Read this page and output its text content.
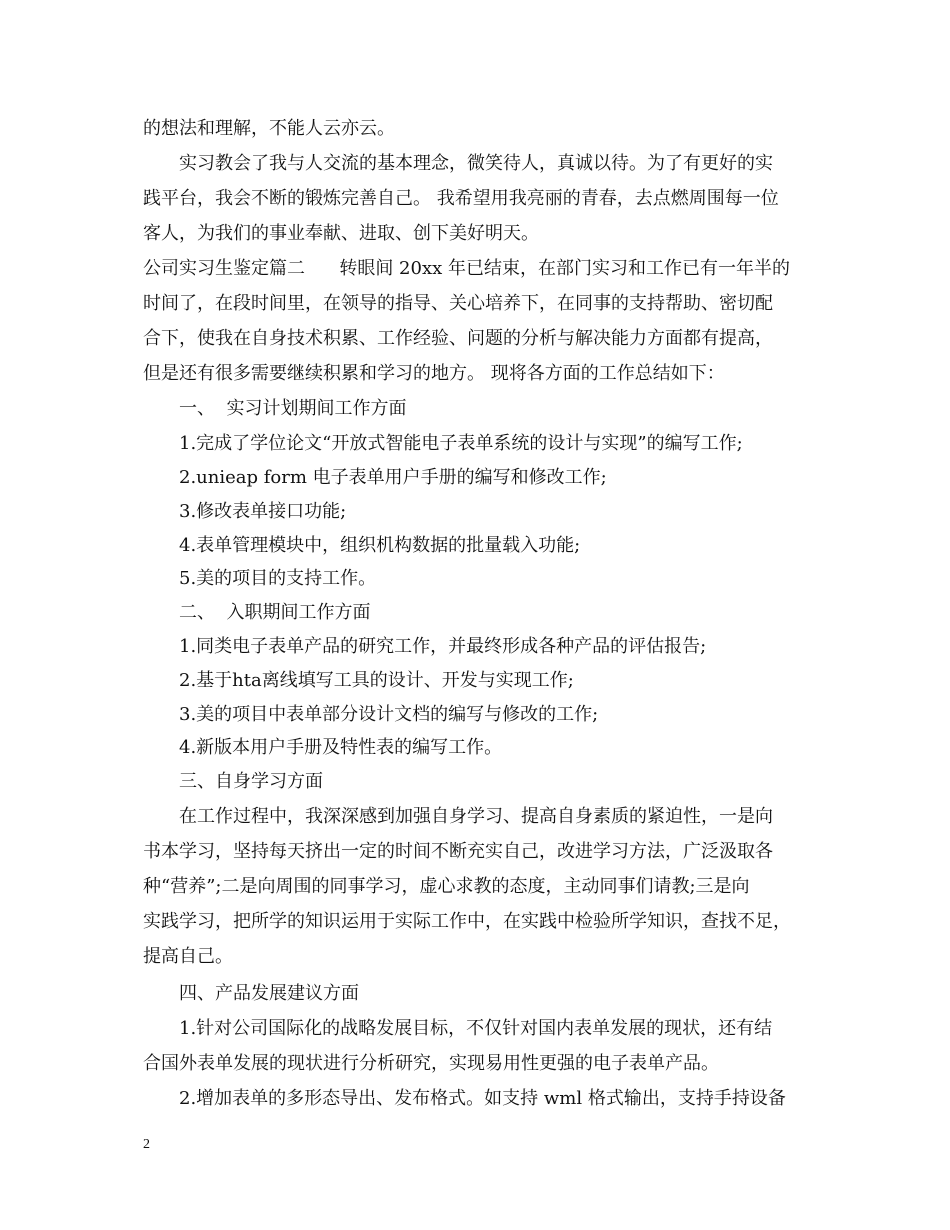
的想法和理解，不能人云亦云。
实习教会了我与人交流的基本理念，微笑待人，真诚以待。为了有更好的实
践平台，我会不断的锻炼完善自己。 我希望用我亮丽的青春，去点燃周围每一位
客人，为我们的事业奉献、进取、创下美好明天。
公司实习生鉴定篇二      转眼间 20xx 年已结束，在部门实习和工作已有一年半的
时间了，在段时间里，在领导的指导、关心培养下，在同事的支持帮助、密切配
合下，使我在自身技术积累、工作经验、问题的分析与解决能力方面都有提高，
但是还有很多需要继续积累和学习的地方。 现将各方面的工作总结如下：
一、  实习计划期间工作方面
1.完成了学位论文“开放式智能电子表单系统的设计与实现”的编写工作;
2.unieap form 电子表单用户手册的编写和修改工作;
3.修改表单接口功能;
4.表单管理模块中，组织机构数据的批量载入功能;
5.美的项目的支持工作。
二、  入职期间工作方面
1.同类电子表单产品的研究工作，并最终形成各种产品的评估报告;
2.基于hta离线填写工具的设计、开发与实现工作;
3.美的项目中表单部分设计文档的编写与修改的工作;
4.新版本用户手册及特性表的编写工作。
三、自身学习方面
在工作过程中，我深深感到加强自身学习、提高自身素质的紧迫性，一是向
书本学习，坚持每天挤出一定的时间不断充实自己，改进学习方法，广泛汲取各
种“营养”;二是向周围的同事学习，虚心求教的态度，主动同事们请教;三是向
实践学习，把所学的知识运用于实际工作中，在实践中检验所学知识，查找不足，
提高自己。
四、产品发展建议方面
1.针对公司国际化的战略发展目标，不仅针对国内表单发展的现状，还有结
合国外表单发展的现状进行分析研究，实现易用性更强的电子表单产品。
2.增加表单的多形态导出、发布格式。如支持 wml 格式输出，支持手持设备
2
